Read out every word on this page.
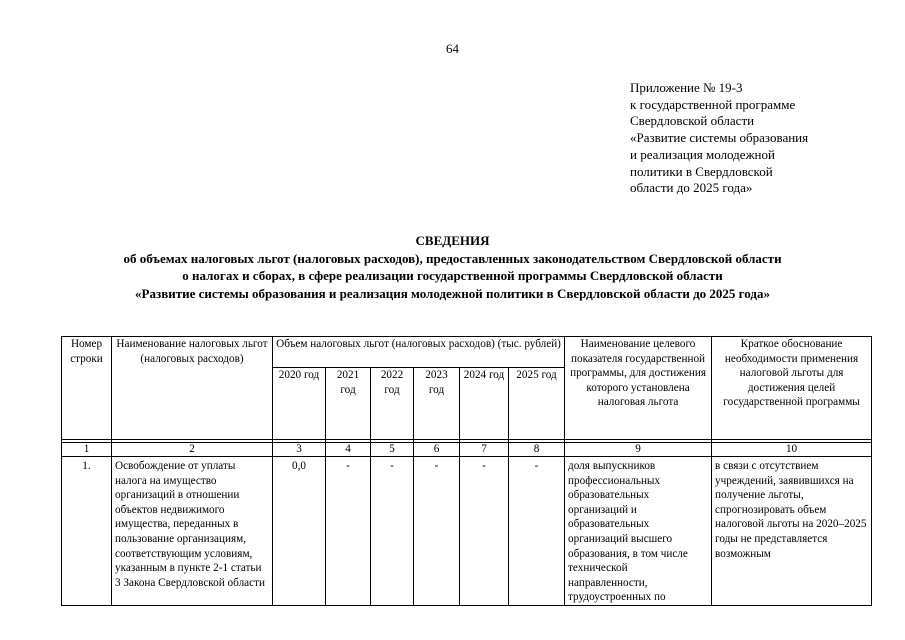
64
Приложение № 19-3
к государственной программе
Свердловской области
«Развитие системы образования
и реализация молодежной
политики в Свердловской
области до 2025 года»
СВЕДЕНИЯ
об объемах налоговых льгот (налоговых расходов), предоставленных законодательством Свердловской области
о налогах и сборах, в сфере реализации государственной программы Свердловской области
«Развитие системы образования и реализация молодежной политики в Свердловской области до 2025 года»
Номер строки	Наименование налоговых льгот (налоговых расходов)	Объем налоговых льгот (налоговых расходов) (тыс. рублей)						Наименование целевого показателя государственной программы, для достижения которого установлена налоговая льгота	Краткое обоснование необходимости применения налоговой льготы для достижения целей государственной программы
		2020 год	2021 год	2022 год	2023 год	2024 год	2025 год		

1	2	3	4	5	6	7	8	9	10
1.	Освобождение от уплаты налога на имущество организаций в отношении объектов недвижимого имущества, переданных в пользование организациям, соответствующим условиям, указанным в пункте 2-1 статьи 3 Закона Свердловской области	0,0	-	-	-	-	-	доля выпускников профессиональных образовательных организаций и образовательных организаций высшего образования, в том числе технической направленности, трудоустроенных по	в связи с отсутствием учреждений, заявившихся на получение льготы, спрогнозировать объем налоговой льготы на 2020–2025 годы не представляется возможным
